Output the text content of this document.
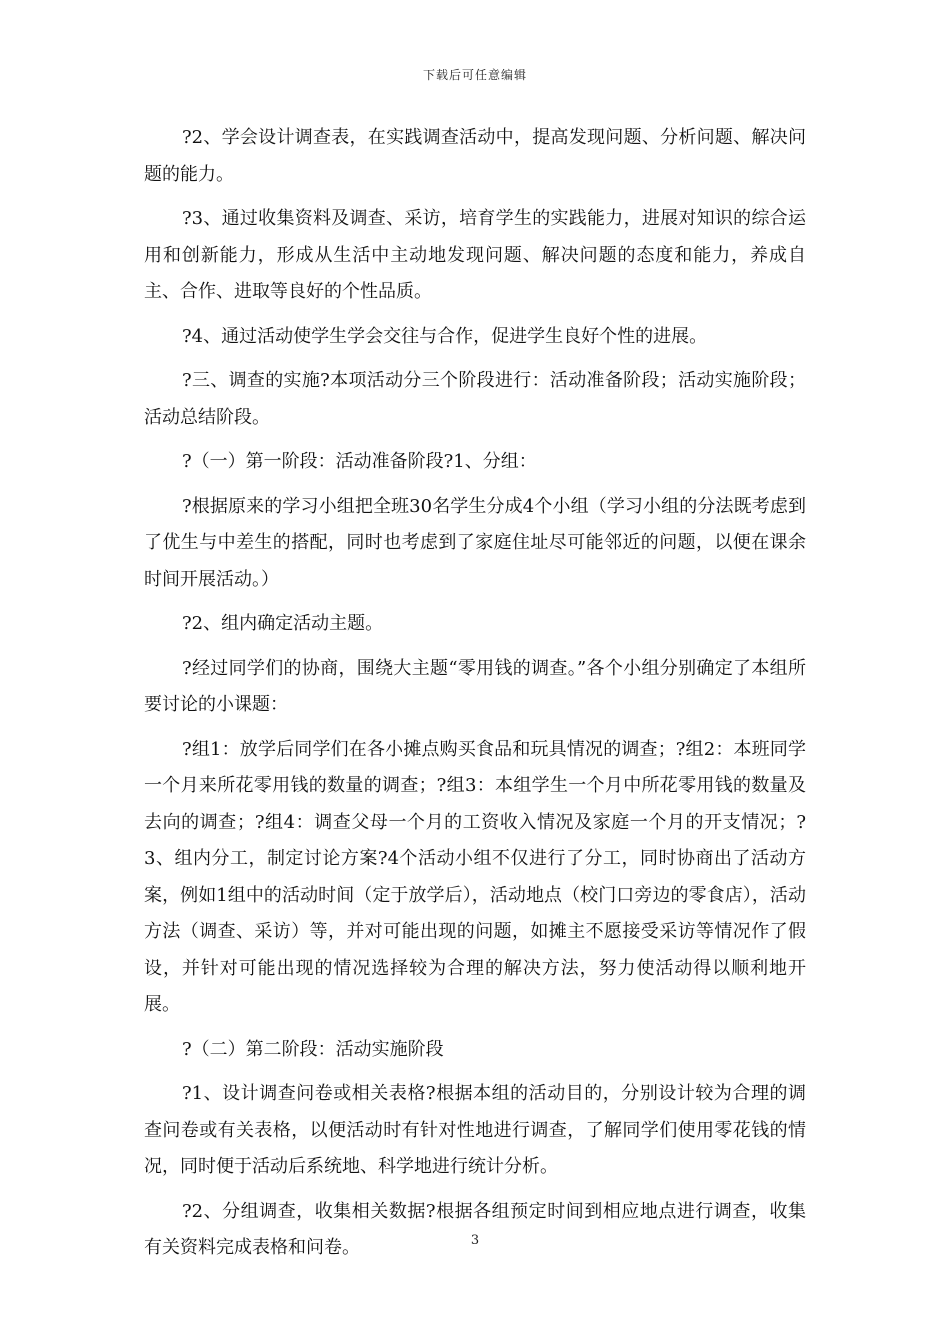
下载后可任意编辑

?2、学会设计调查表，在实践调查活动中，提高发现问题、分析问题、解决问题的能力。

?3、通过收集资料及调查、采访，培育学生的实践能力，进展对知识的综合运用和创新能力，形成从生活中主动地发现问题、解决问题的态度和能力，养成自主、合作、进取等良好的个性品质。

?4、通过活动使学生学会交往与合作，促进学生良好个性的进展。

?三、调查的实施?本项活动分三个阶段进行：活动准备阶段；活动实施阶段；活动总结阶段。

?（一）第一阶段：活动准备阶段?1、分组：

?根据原来的学习小组把全班30名学生分成4个小组（学习小组的分法既考虑到了优生与中差生的搭配，同时也考虑到了家庭住址尽可能邻近的问题，以便在课余时间开展活动。）

?2、组内确定活动主题。

?经过同学们的协商，围绕大主题“零用钱的调查。”各个小组分别确定了本组所要讨论的小课题：

?组1：放学后同学们在各小摊点购买食品和玩具情况的调查；?组2：本班同学一个月来所花零用钱的数量的调查；?组3：本组学生一个月中所花零用钱的数量及去向的调查；?组4：调查父母一个月的工资收入情况及家庭一个月的开支情况；?3、组内分工，制定讨论方案?4个活动小组不仅进行了分工，同时协商出了活动方案，例如1组中的活动时间（定于放学后），活动地点（校门口旁边的零食店），活动方法（调查、采访）等，并对可能出现的问题，如摊主不愿接受采访等情况作了假设，并针对可能出现的情况选择较为合理的解决方法，努力使活动得以顺利地开展。

?（二）第二阶段：活动实施阶段

?1、设计调查问卷或相关表格?根据本组的活动目的，分别设计较为合理的调查问卷或有关表格，以便活动时有针对性地进行调查，了解同学们使用零花钱的情况，同时便于活动后系统地、科学地进行统计分析。

?2、分组调查，收集相关数据?根据各组预定时间到相应地点进行调查，收集有关资料完成表格和问卷。	3
